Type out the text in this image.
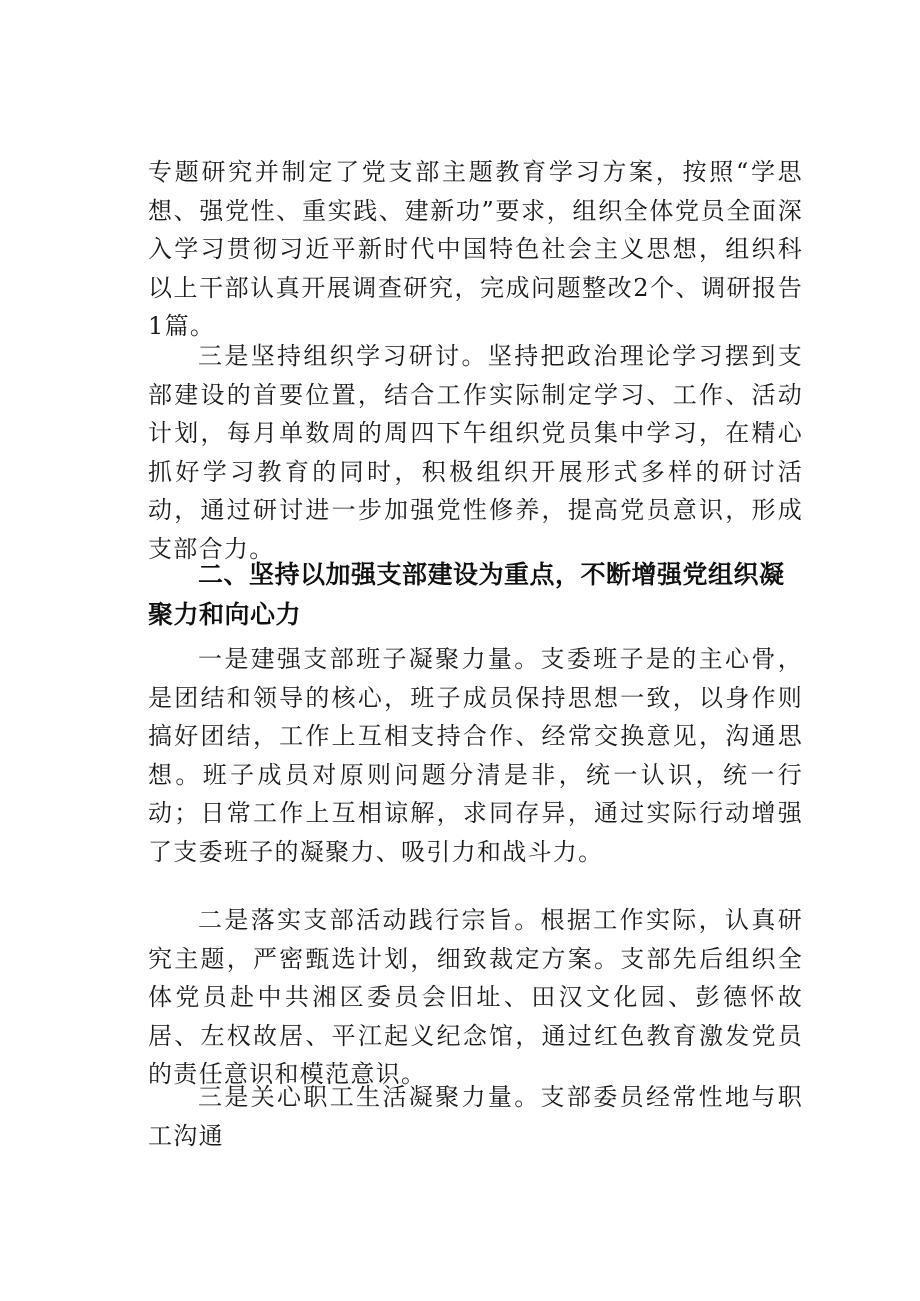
专题研究并制定了党支部主题教育学习方案，按照“学思想、强党性、重实践、建新功”要求，组织全体党员全面深入学习贯彻习近平新时代中国特色社会主义思想，组织科以上干部认真开展调查研究，完成问题整改2个、调研报告1篇。

三是坚持组织学习研讨。坚持把政治理论学习摆到支部建设的首要位置，结合工作实际制定学习、工作、活动计划，每月单数周的周四下午组织党员集中学习，在精心抓好学习教育的同时，积极组织开展形式多样的研讨活动，通过研讨进一步加强党性修养，提高党员意识，形成支部合力。

二、坚持以加强支部建设为重点，不断增强党组织凝聚力和向心力

一是建强支部班子凝聚力量。支委班子是的主心骨，是团结和领导的核心，班子成员保持思想一致，以身作则搞好团结，工作上互相支持合作、经常交换意见，沟通思想。班子成员对原则问题分清是非，统一认识，统一行动；日常工作上互相谅解，求同存异，通过实际行动增强了支委班子的凝聚力、吸引力和战斗力。

二是落实支部活动践行宗旨。根据工作实际，认真研究主题，严密甄选计划，细致裁定方案。支部先后组织全体党员赴中共湘区委员会旧址、田汉文化园、彭德怀故居、左权故居、平江起义纪念馆，通过红色教育激发党员的责任意识和模范意识。

三是关心职工生活凝聚力量。支部委员经常性地与职工沟通
